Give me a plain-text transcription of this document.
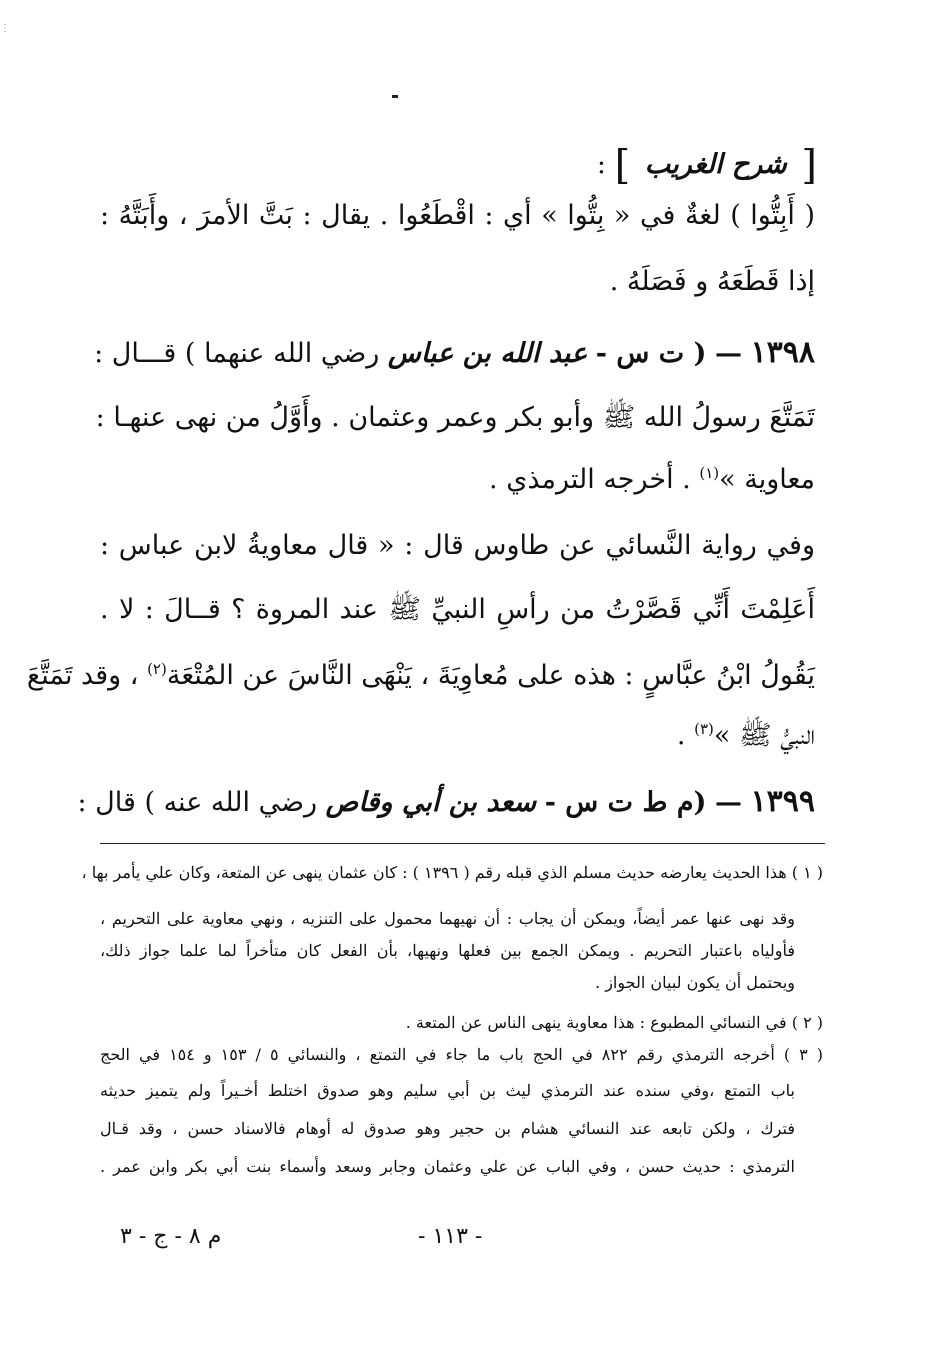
⋮
[ شرح الغريب ] :
( أَبِتُّوا ) لغةٌ في « بِتُّوا » أي : اقْطَعُوا . يقال : بَتَّ الأمرَ ، وأَبَتَّهُ :
إذا قَطَعَهُ و فَصَلَهُ .
١٣٩٨ — ( ت س - عبد الله بن عباس رضي الله عنهما ) قـــال :
تَمَتَّعَ رسولُ الله ﷺ وأبو بكر وعمر وعثمان . وأَوَّلُ من نهى عنهـا :
معاوية »$^{(١)}$ . أخرجه الترمذي .
وفي رواية النَّسائي عن طاوس قال : « قال معاويةُ لابن عباس :
أَعَلِمْتَ أَنِّي قَصَّرْتُ من رأسِ النبيِّ ﷺ عند المروة ؟ قــالَ : لا .
يَقُولُ ابْنُ عبَّاسٍ : هذه على مُعاوِيَةَ ، يَنْهَى النَّاسَ عن المُتْعَة$^{(٢)}$ ، وقد تَمَتَّعَ
النبيُّ ﷺ »$^{(٣)}$ .
١٣٩٩ — (م ط ت س - سعد بن أبي وقاص رضي الله عنه ) قال :
( ١ ) هذا الحديث يعارضه حديث مسلم الذي قبله رقم ( ١٣٩٦ ) : كان عثمان ينهى عن المتعة، وكان علي يأمر بها ،
وقد نهى عنها عمر أيضاً، ويمكن أن يجاب : أن نهيهما محمول على التنزيه ، ونهي معاوية على التحريم ،
فأولياه باعتبار التحريم . ويمكن الجمع بين فعلها ونهيها، بأن الفعل كان متأخراً لما علما جواز ذلك،
ويحتمل أن يكون لبيان الجواز .
( ٢ ) في النسائي المطبوع : هذا معاوية ينهى الناس عن المتعة .
( ٣ ) أخرجه الترمذي رقم ٨٢٢ في الحج باب ما جاء في التمتع ، والنسائي ٥ / ١٥٣ و ١٥٤ في الحج
باب التمتع ،وفي سنده عند الترمذي ليث بن أبي سليم وهو صدوق اختلط أخـيراً ولم يتميز حديثه
فترك ، ولكن تابعه عند النسائي هشام بن حجير وهو صدوق له أوهام فالاسناد حسن ، وقد قـال
الترمذي : حديث حسن ، وفي الباب عن علي وعثمان وجابر وسعد وأسماء بنت أبي بكر وابن عمر .
- ١١٣ -
م ٨ - ج - ٣
